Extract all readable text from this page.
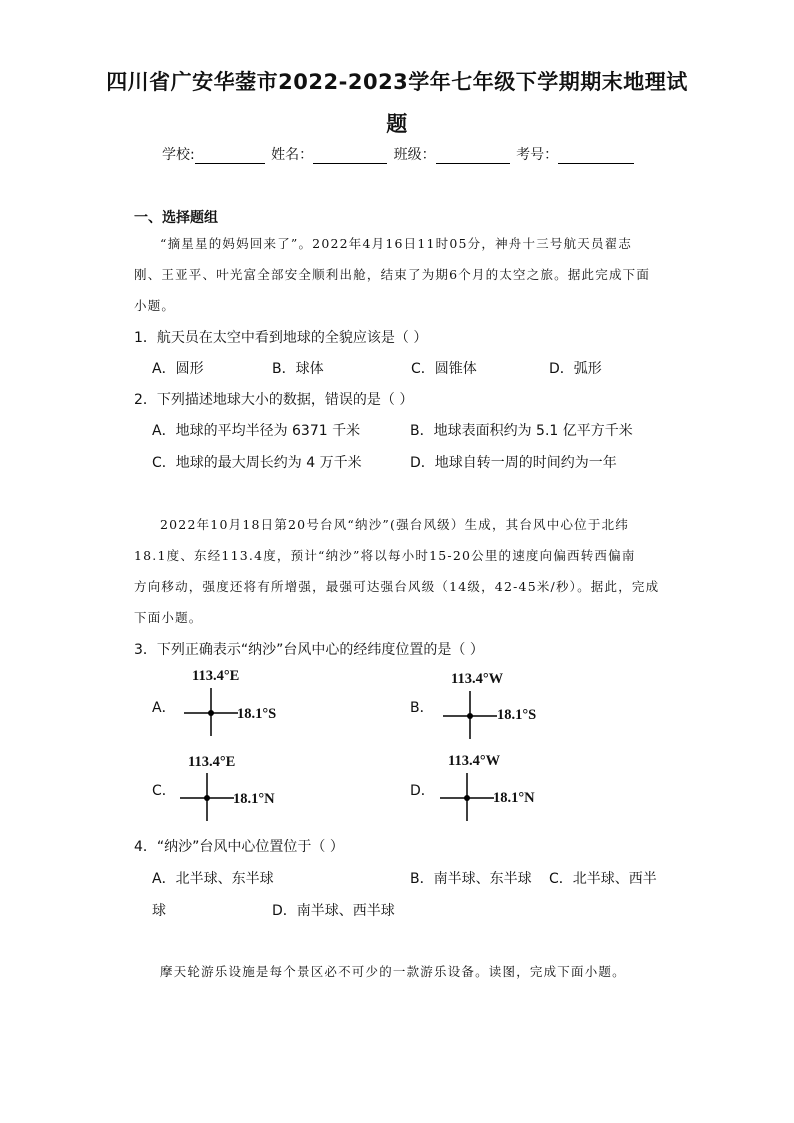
四川省广安华蓥市2022-2023学年七年级下学期期末地理试
题
学校:	姓名：	班级：	考号：
一、选择题组
“摘星星的妈妈回来了”。2022年4月16日11时05分，神舟十三号航天员翟志
刚、王亚平、叶光富全部安全顺利出舱，结束了为期6个月的太空之旅。据此完成下面
小题。
1．航天员在太空中看到地球的全貌应该是（ ）
A．圆形	B．球体	C．圆锥体	D．弧形
2．下列描述地球大小的数据，错误的是（ ）
A．地球的平均半径为 6371 千米	B．地球表面积约为 5.1 亿平方千米
C．地球的最大周长约为 4 万千米	D．地球自转一周的时间约为一年
2022年10月18日第20号台风“纳沙”(强台风级）生成，其台风中心位于北纬
18.1度、东经113.4度，预计“纳沙”将以每小时15-20公里的速度向偏西转西偏南
方向移动，强度还将有所增强，最强可达强台风级（14级，42-45米/秒）。据此，完成
下面小题。
3．下列正确表示“纳沙”台风中心的经纬度位置的是（ ）
A．
113.4°E
18.1°S	B．
113.4°W
18.1°S
C．
113.4°E
18.1°N	D．
113.4°W
18.1°N
4．“纳沙”台风中心位置位于（ ）
A．北半球、东半球	B．南半球、东半球 C．北半球、西半
球	D．南半球、西半球
摩天轮游乐设施是每个景区必不可少的一款游乐设备。读图，完成下面小题。
